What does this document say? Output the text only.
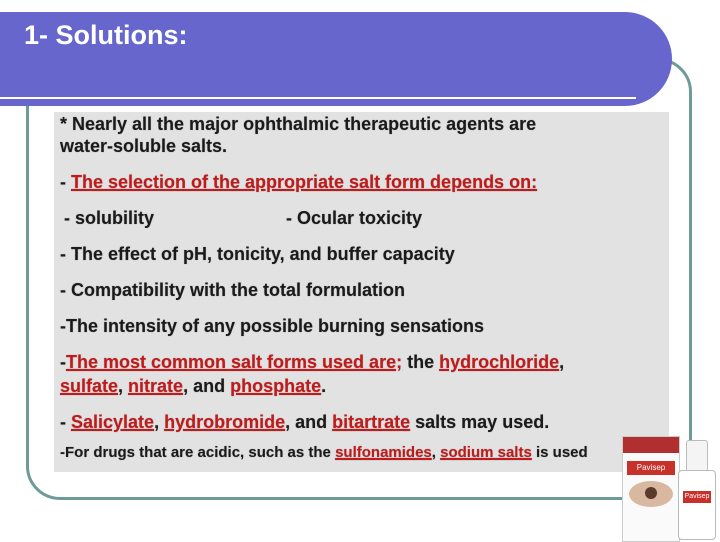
1- Solutions:
* Nearly all the major ophthalmic therapeutic agents are
water-soluble salts.
- The selection of the appropriate salt form depends on:
- solubility	- Ocular toxicity
- The effect of pH, tonicity, and buffer capacity
- Compatibility with the total formulation
-The intensity of any possible burning sensations
-The most common salt forms used are; the hydrochloride,
sulfate, nitrate, and phosphate.
- Salicylate, hydrobromide, and bitartrate salts may used.
-For drugs that are acidic, such as the sulfonamides, sodium salts is used
Pavisep
Pavisep
